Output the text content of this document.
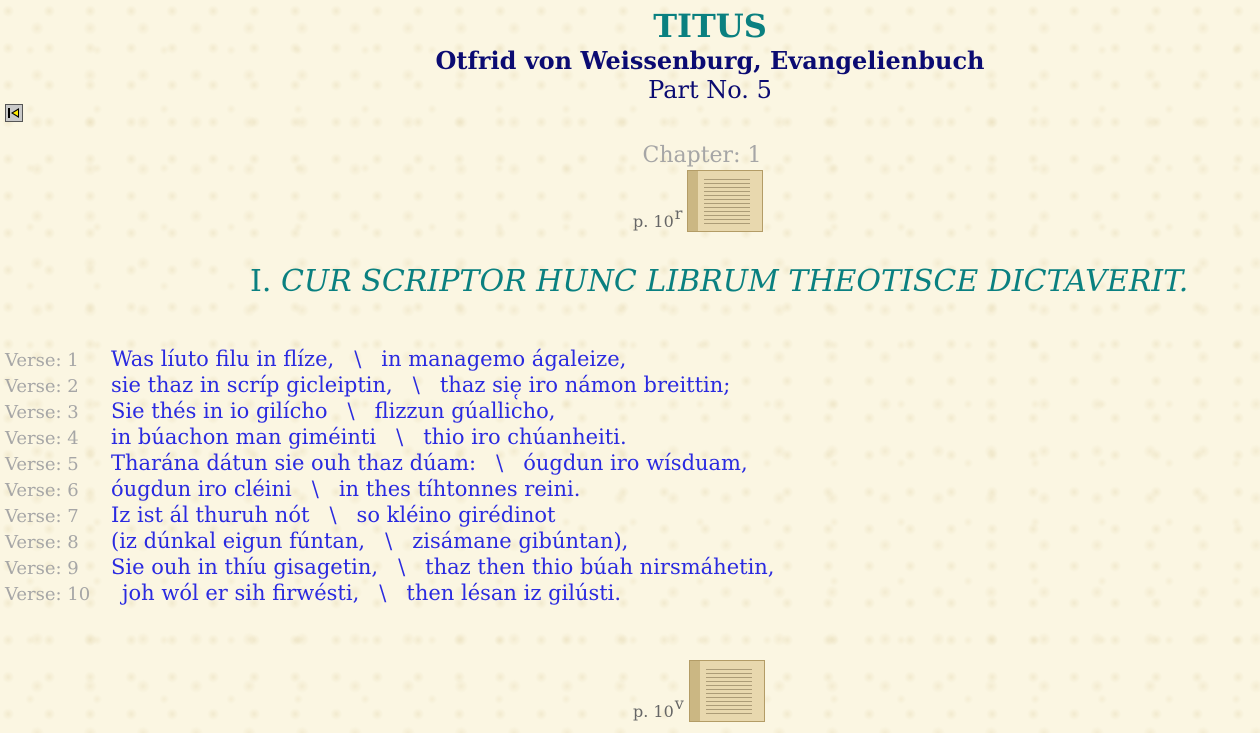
TITUS
Otfrid von Weissenburg, Evangelienbuch
Part No. 5
Chapter: 1
p. 10 r
I. CUR SCRIPTOR HUNC LIBRUM THEOTISCE DICTAVERIT.
Verse: 1	Was líuto filu in flíze,   \   in managemo ágaleize,
Verse: 2	sie thaz in scríp gicleiptin,   \   thaz sie̜ iro námon breittin;
Verse: 3	Sie thés in io gilícho   \   flizzun gúallicho,
Verse: 4	in búachon man giméinti   \   thio iro chúanheiti.
Verse: 5	Tharána dátun sie ouh thaz dúam:   \   óugdun iro wísduam,
Verse: 6	óugdun iro cléini   \   in thes tíhtonnes reini.
Verse: 7	Iz ist ál thuruh nót   \   so kléino girédinot
Verse: 8	(iz dúnkal eigun fúntan,   \   zisámane gibúntan),
Verse: 9	Sie ouh in thíu gisagetin,   \   thaz then thio búah nirsmáhetin,
Verse: 10	joh wól er sih firwésti,   \   then lésan iz gilústi.
p. 10 v
